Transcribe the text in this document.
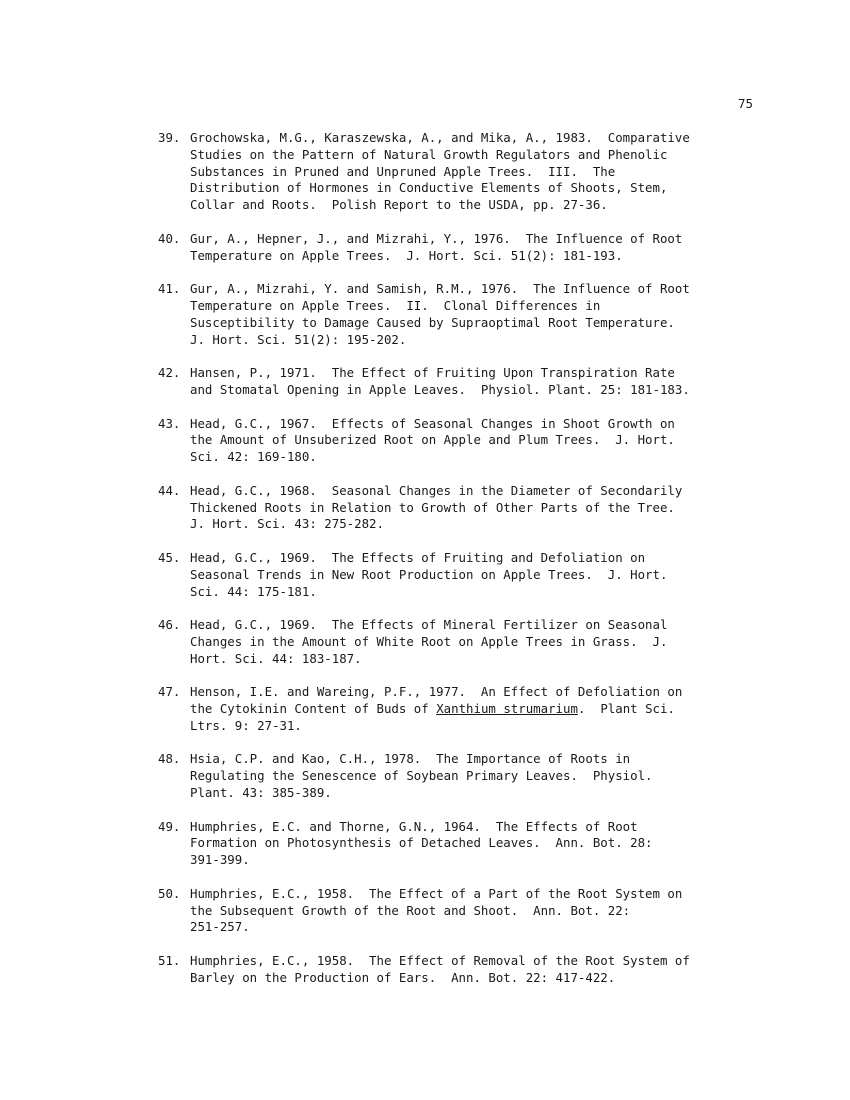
75
39. Grochowska, M.G., Karaszewska, A., and Mika, A., 1983.  Comparative
Studies on the Pattern of Natural Growth Regulators and Phenolic
Substances in Pruned and Unpruned Apple Trees.  III.  The
Distribution of Hormones in Conductive Elements of Shoots, Stem,
Collar and Roots.  Polish Report to the USDA, pp. 27-36.
40. Gur, A., Hepner, J., and Mizrahi, Y., 1976.  The Influence of Root
Temperature on Apple Trees.  J. Hort. Sci. 51(2): 181-193.
41. Gur, A., Mizrahi, Y. and Samish, R.M., 1976.  The Influence of Root
Temperature on Apple Trees.  II.  Clonal Differences in
Susceptibility to Damage Caused by Supraoptimal Root Temperature.
J. Hort. Sci. 51(2): 195-202.
42. Hansen, P., 1971.  The Effect of Fruiting Upon Transpiration Rate
and Stomatal Opening in Apple Leaves.  Physiol. Plant. 25: 181-183.
43. Head, G.C., 1967.  Effects of Seasonal Changes in Shoot Growth on
the Amount of Unsuberized Root on Apple and Plum Trees.  J. Hort.
Sci. 42: 169-180.
44. Head, G.C., 1968.  Seasonal Changes in the Diameter of Secondarily
Thickened Roots in Relation to Growth of Other Parts of the Tree.
J. Hort. Sci. 43: 275-282.
45. Head, G.C., 1969.  The Effects of Fruiting and Defoliation on
Seasonal Trends in New Root Production on Apple Trees.  J. Hort.
Sci. 44: 175-181.
46. Head, G.C., 1969.  The Effects of Mineral Fertilizer on Seasonal
Changes in the Amount of White Root on Apple Trees in Grass.  J.
Hort. Sci. 44: 183-187.
47. Henson, I.E. and Wareing, P.F., 1977.  An Effect of Defoliation on
the Cytokinin Content of Buds of Xanthium strumarium.  Plant Sci.
Ltrs. 9: 27-31.
48. Hsia, C.P. and Kao, C.H., 1978.  The Importance of Roots in
Regulating the Senescence of Soybean Primary Leaves.  Physiol.
Plant. 43: 385-389.
49. Humphries, E.C. and Thorne, G.N., 1964.  The Effects of Root
Formation on Photosynthesis of Detached Leaves.  Ann. Bot. 28:
391-399.
50. Humphries, E.C., 1958.  The Effect of a Part of the Root System on
the Subsequent Growth of the Root and Shoot.  Ann. Bot. 22:
251-257.
51. Humphries, E.C., 1958.  The Effect of Removal of the Root System of
Barley on the Production of Ears.  Ann. Bot. 22: 417-422.
